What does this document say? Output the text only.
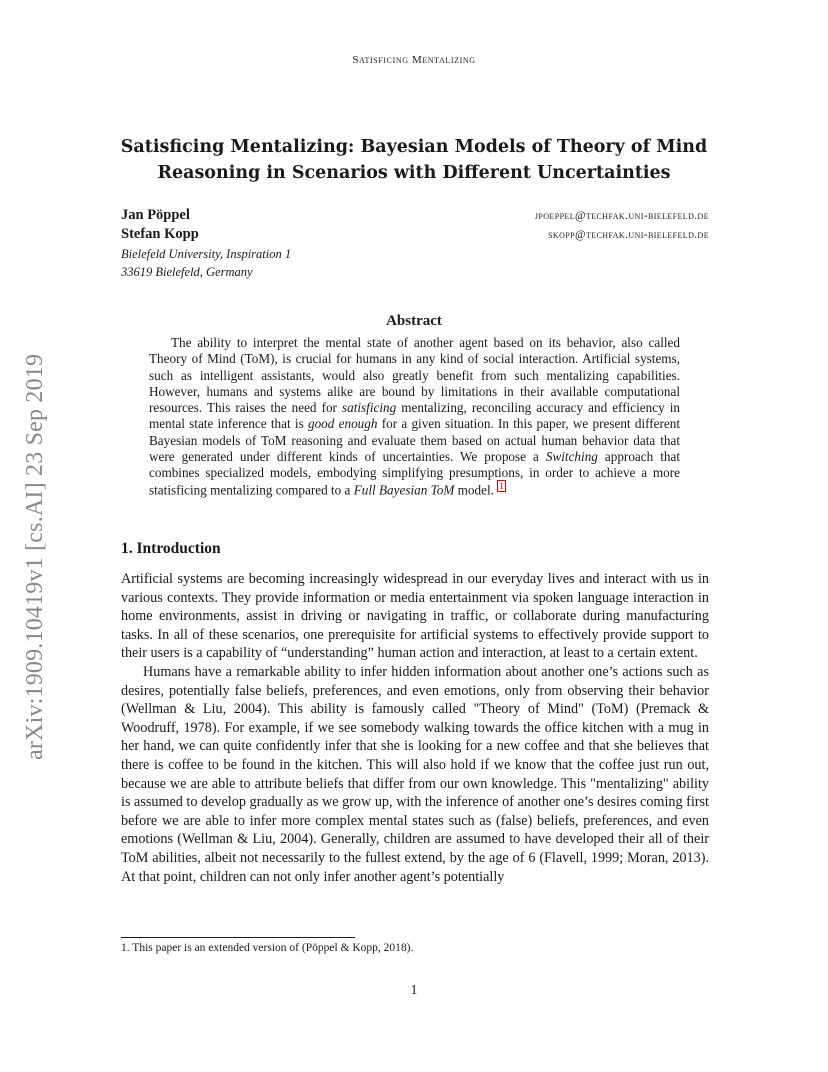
Satisficing Mentalizing
arXiv:1909.10419v1 [cs.AI] 23 Sep 2019
Satisficing Mentalizing: Bayesian Models of Theory of Mind Reasoning in Scenarios with Different Uncertainties
Jan Pöppel	jpoeppel@techfak.uni-bielefeld.de
Stefan Kopp	skopp@techfak.uni-bielefeld.de
Bielefeld University, Inspiration 1
33619 Bielefeld, Germany
Abstract

The ability to interpret the mental state of another agent based on its behavior, also called Theory of Mind (ToM), is crucial for humans in any kind of social interaction. Artificial systems, such as intelligent assistants, would also greatly benefit from such mentalizing capabilities. However, humans and systems alike are bound by limitations in their available computational resources. This raises the need for satisficing mentalizing, reconciling accuracy and efficiency in mental state inference that is good enough for a given situation. In this paper, we present different Bayesian models of ToM reasoning and evaluate them based on actual human behavior data that were generated under different kinds of uncertainties. We propose a Switching approach that combines specialized models, embodying simplifying presumptions, in order to achieve a more statisficing mentalizing compared to a Full Bayesian ToM model. $^1$

1. Introduction

Artificial systems are becoming increasingly widespread in our everyday lives and interact with us in various contexts. They provide information or media entertainment via spoken language interaction in home environments, assist in driving or navigating in traffic, or collaborate during manufacturing tasks. In all of these scenarios, one prerequisite for artificial systems to effectively provide support to their users is a capability of “understanding” human action and interaction, at least to a certain extent.

Humans have a remarkable ability to infer hidden information about another one’s actions such as desires, potentially false beliefs, preferences, and even emotions, only from observing their behavior (Wellman & Liu, 2004). This ability is famously called "Theory of Mind" (ToM) (Premack & Woodruff, 1978). For example, if we see somebody walking towards the office kitchen with a mug in her hand, we can quite confidently infer that she is looking for a new coffee and that she believes that there is coffee to be found in the kitchen. This will also hold if we know that the coffee just run out, because we are able to attribute beliefs that differ from our own knowledge. This "mentalizing" ability is assumed to develop gradually as we grow up, with the inference of another one’s desires coming first before we are able to infer more complex mental states such as (false) beliefs, preferences, and even emotions (Wellman & Liu, 2004). Generally, children are assumed to have developed their all of their ToM abilities, albeit not necessarily to the fullest extend, by the age of 6 (Flavell, 1999; Moran, 2013). At that point, children can not only infer another agent’s potentially

1. This paper is an extended version of (Pöppel & Kopp, 2018).
1
